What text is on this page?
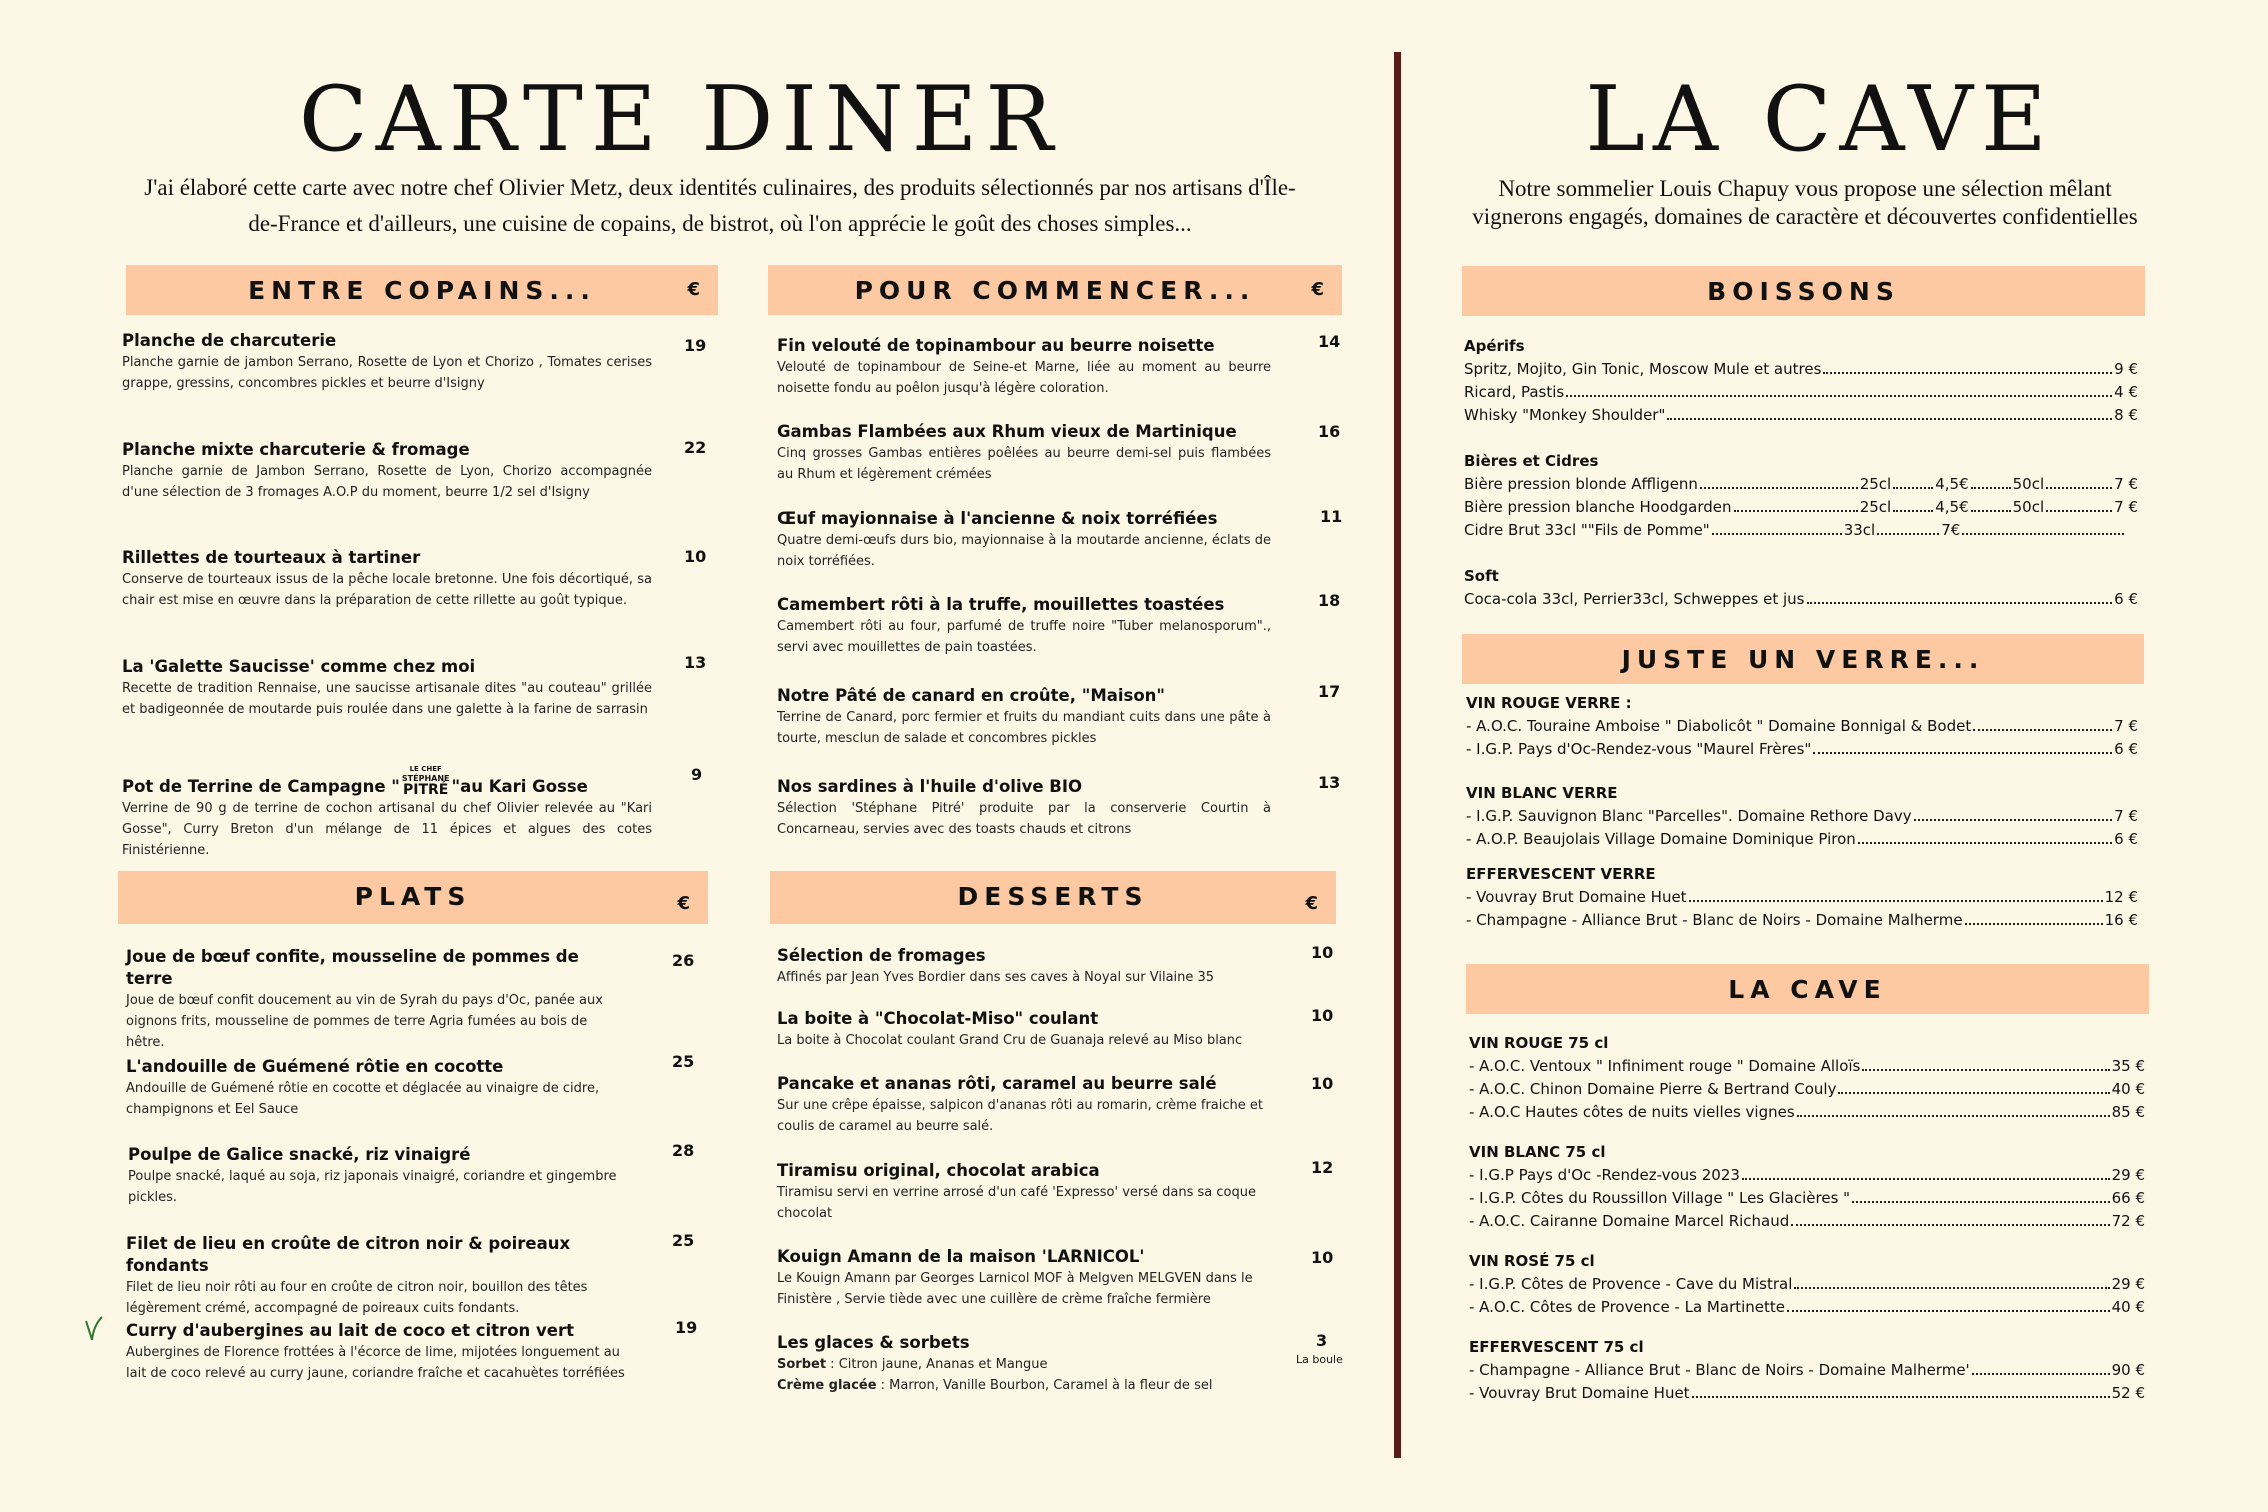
CARTE DINER
J'ai élaboré cette carte avec notre chef Olivier Metz, deux identités culinaires, des produits sélectionnés par nos artisans d'Île-de-France et d'ailleurs, une cuisine de copains, de bistrot, où l'on apprécie le goût des choses simples...
ENTRE COPAINS...	€
Planche de charcuterie
Planche garnie de jambon Serrano, Rosette de Lyon et Chorizo , Tomates cerises grappe, gressins, concombres pickles et beurre d'Isigny
19
Planche mixte charcuterie & fromage
Planche garnie de Jambon Serrano, Rosette de Lyon, Chorizo accompagnée d'une sélection de 3 fromages A.O.P du moment, beurre 1/2 sel d'Isigny
22
Rillettes de tourteaux à tartiner
Conserve de tourteaux issus de la pêche locale bretonne. Une fois décortiqué, sa chair est mise en œuvre dans la préparation de cette rillette au goût typique.
10
La 'Galette Saucisse' comme chez moi
Recette de tradition Rennaise, une saucisse artisanale dites "au couteau" grillée et badigeonnée de moutarde puis roulée dans une galette à la farine de sarrasin
13
Pot de Terrine de Campagne "
LE CHEF
STÉPHANE
PITRÉ "au Kari Gosse
Verrine de 90 g de terrine de cochon artisanal du chef Olivier relevée au "Kari Gosse", Curry Breton d'un mélange de 11 épices et algues des cotes Finistérienne.
9
POUR COMMENCER...	€
Fin velouté de topinambour au beurre noisette
Velouté de topinambour de Seine-et Marne, liée au moment au beurre noisette fondu au poêlon jusqu'à légère coloration.
14
Gambas Flambées aux Rhum vieux de Martinique
Cinq grosses Gambas entières poêlées au beurre demi-sel puis flambées au Rhum et légèrement crémées
16
Œuf mayionnaise à l'ancienne & noix torréfiées
Quatre demi-œufs durs bio, mayionnaise à la moutarde ancienne, éclats de noix torréfiées.
11
Camembert rôti à la truffe, mouillettes toastées
Camembert rôti au four, parfumé de truffe noire "Tuber melanosporum"., servi avec mouillettes de pain toastées.
18
Notre Pâté de canard en croûte, "Maison"
Terrine de Canard, porc fermier et fruits du mandiant cuits dans une pâte à tourte, mesclun de salade et concombres pickles
17
Nos sardines à l'huile d'olive BIO
Sélection 'Stéphane Pitré' produite par la conserverie Courtin à Concarneau, servies avec des toasts chauds et citrons
13
PLATS	€
Joue de bœuf confite, mousseline de pommes de terre
Joue de bœuf confit doucement au vin de Syrah du pays d'Oc, panée aux oignons frits, mousseline de pommes de terre Agria fumées au bois de hêtre.
26
L'andouille de Guémené rôtie en cocotte
Andouille de Guémené rôtie en cocotte et déglacée au vinaigre de cidre, champignons et Eel Sauce
25
Poulpe de Galice snacké, riz vinaigré
Poulpe snacké, laqué au soja, riz japonais vinaigré, coriandre et gingembre pickles.
28
Filet de lieu en croûte de citron noir & poireaux fondants
Filet de lieu noir rôti au four en croûte de citron noir, bouillon des têtes légèrement crémé, accompagné de poireaux cuits fondants.
25
Curry d'aubergines au lait de coco et citron vert
Aubergines de Florence frottées à l'écorce de lime, mijotées longuement au lait de coco relevé au curry jaune, coriandre fraîche et cacahuètes torréfiées
19
DESSERTS	€
Sélection de fromages
Affinés par Jean Yves Bordier dans ses caves à Noyal sur Vilaine 35
10
La boite à "Chocolat-Miso" coulant
La boite à Chocolat coulant Grand Cru de Guanaja relevé au Miso blanc
10
Pancake et ananas rôti, caramel au beurre salé
Sur une crêpe épaisse, salpicon d'ananas rôti au romarin, crème fraiche et coulis de caramel au beurre salé.
10
Tiramisu original, chocolat arabica
Tiramisu servi en verrine arrosé d'un café 'Expresso' versé dans sa coque chocolat
12
Kouign Amann de la maison 'LARNICOL'
Le Kouign Amann par Georges Larnicol MOF à Melgven MELGVEN dans le Finistère , Servie tiède avec une cuillère de crème fraîche fermière
10
Les glaces & sorbets
Sorbet : Citron jaune, Ananas et Mangue
Crème glacée : Marron, Vanille Bourbon, Caramel à la fleur de sel
3
La boule
LA CAVE
Notre sommelier Louis Chapuy vous propose une sélection mêlant vignerons engagés, domaines de caractère et découvertes confidentielles
BOISSONS
Apérifs
Spritz, Mojito, Gin Tonic, Moscow Mule et autres	9 €
Ricard, Pastis	4 €
Whisky "Monkey Shoulder"	8 €
Bières et Cidres
Bière pression blonde Affligenn	25cl	4,5€	50cl	7 €
Bière pression blanche Hoodgarden	25cl	4,5€	50cl	7 €
Cidre Brut 33cl ""Fils de Pomme"	33cl	7€
Soft
Coca-cola 33cl, Perrier33cl, Schweppes et jus	6 €
JUSTE UN VERRE...
VIN ROUGE VERRE :
- A.O.C. Touraine Amboise " Diabolicôt " Domaine Bonnigal & Bodet	7 €
- I.G.P. Pays d'Oc-Rendez-vous "Maurel Frères"	6 €
VIN BLANC VERRE
- I.G.P. Sauvignon Blanc "Parcelles". Domaine Rethore Davy	7 €
- A.O.P. Beaujolais Village Domaine Dominique Piron	6 €
EFFERVESCENT VERRE
- Vouvray Brut Domaine Huet	12 €
- Champagne - Alliance Brut - Blanc de Noirs - Domaine Malherme	16 €
LA CAVE
VIN ROUGE 75 cl
- A.O.C. Ventoux " Infiniment rouge " Domaine Alloïs	35 €
- A.O.C. Chinon Domaine Pierre & Bertrand Couly	40 €
- A.O.C Hautes côtes de nuits vielles vignes	85 €
VIN BLANC 75 cl
- I.G.P Pays d'Oc -Rendez-vous 2023	29 €
- I.G.P. Côtes du Roussillon Village " Les Glacières "	66 €
- A.O.C. Cairanne Domaine Marcel Richaud	72 €
VIN ROSÉ 75 cl
- I.G.P. Côtes de Provence - Cave du Mistral	29 €
- A.O.C. Côtes de Provence - La Martinette	40 €
EFFERVESCENT 75 cl
- Champagne - Alliance Brut - Blanc de Noirs - Domaine Malherme'	90 €
- Vouvray Brut Domaine Huet	52 €
